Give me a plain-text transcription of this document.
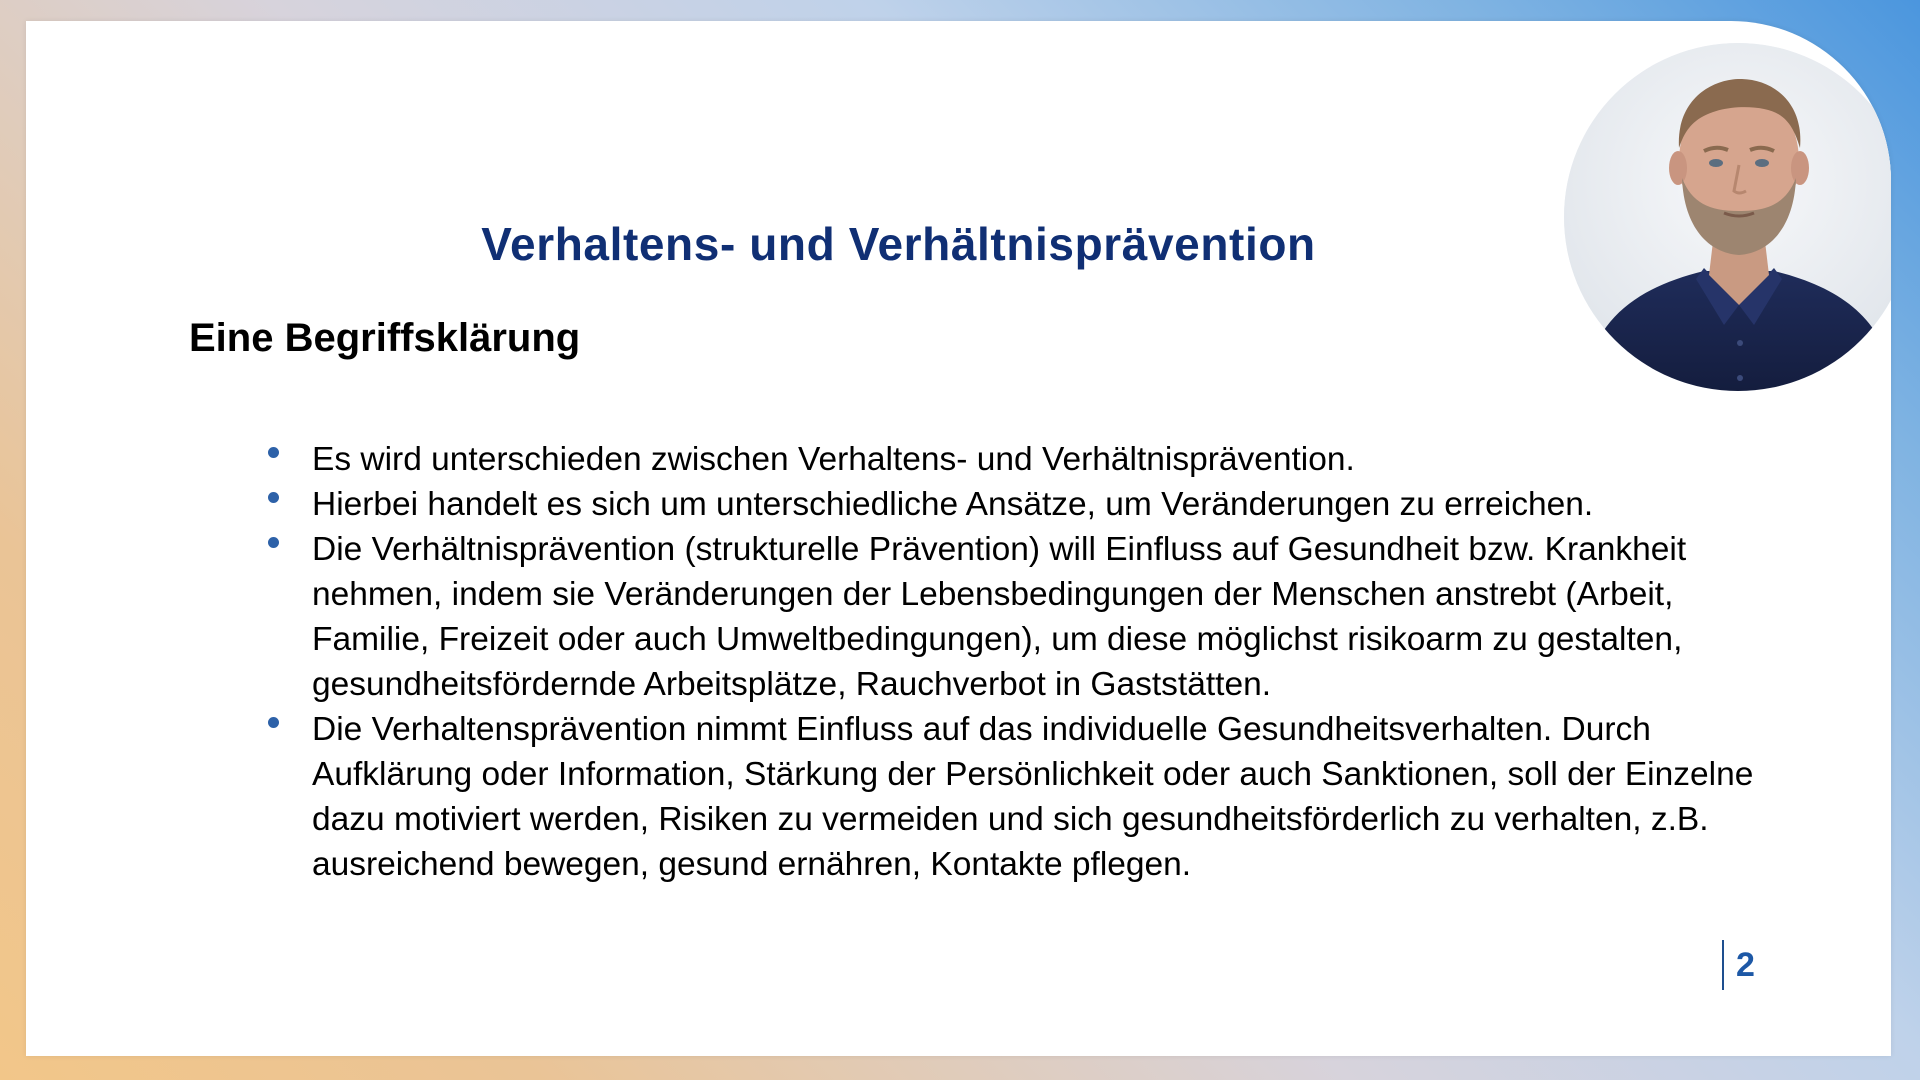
Verhaltens- und Verhältnisprävention
Eine Begriffsklärung
Es wird unterschieden zwischen Verhaltens- und Verhältnisprävention.
Hierbei handelt es sich um unterschiedliche Ansätze, um Veränderungen zu erreichen.
Die Verhältnisprävention (strukturelle Prävention) will Einfluss auf Gesundheit bzw. Krankheit nehmen, indem sie Veränderungen der Lebensbedingungen der Menschen anstrebt (Arbeit, Familie, Freizeit oder auch Umweltbedingungen), um diese möglichst risikoarm zu gestalten, gesundheitsfördernde Arbeitsplätze, Rauchverbot in Gaststätten.
Die Verhaltensprävention nimmt Einfluss auf das individuelle Gesundheitsverhalten. Durch Aufklärung oder Information, Stärkung der Persönlichkeit oder auch Sanktionen, soll der Einzelne dazu motiviert werden, Risiken zu vermeiden und sich gesundheitsförderlich zu verhalten, z.B. ausreichend bewegen, gesund ernähren, Kontakte pflegen.
2
